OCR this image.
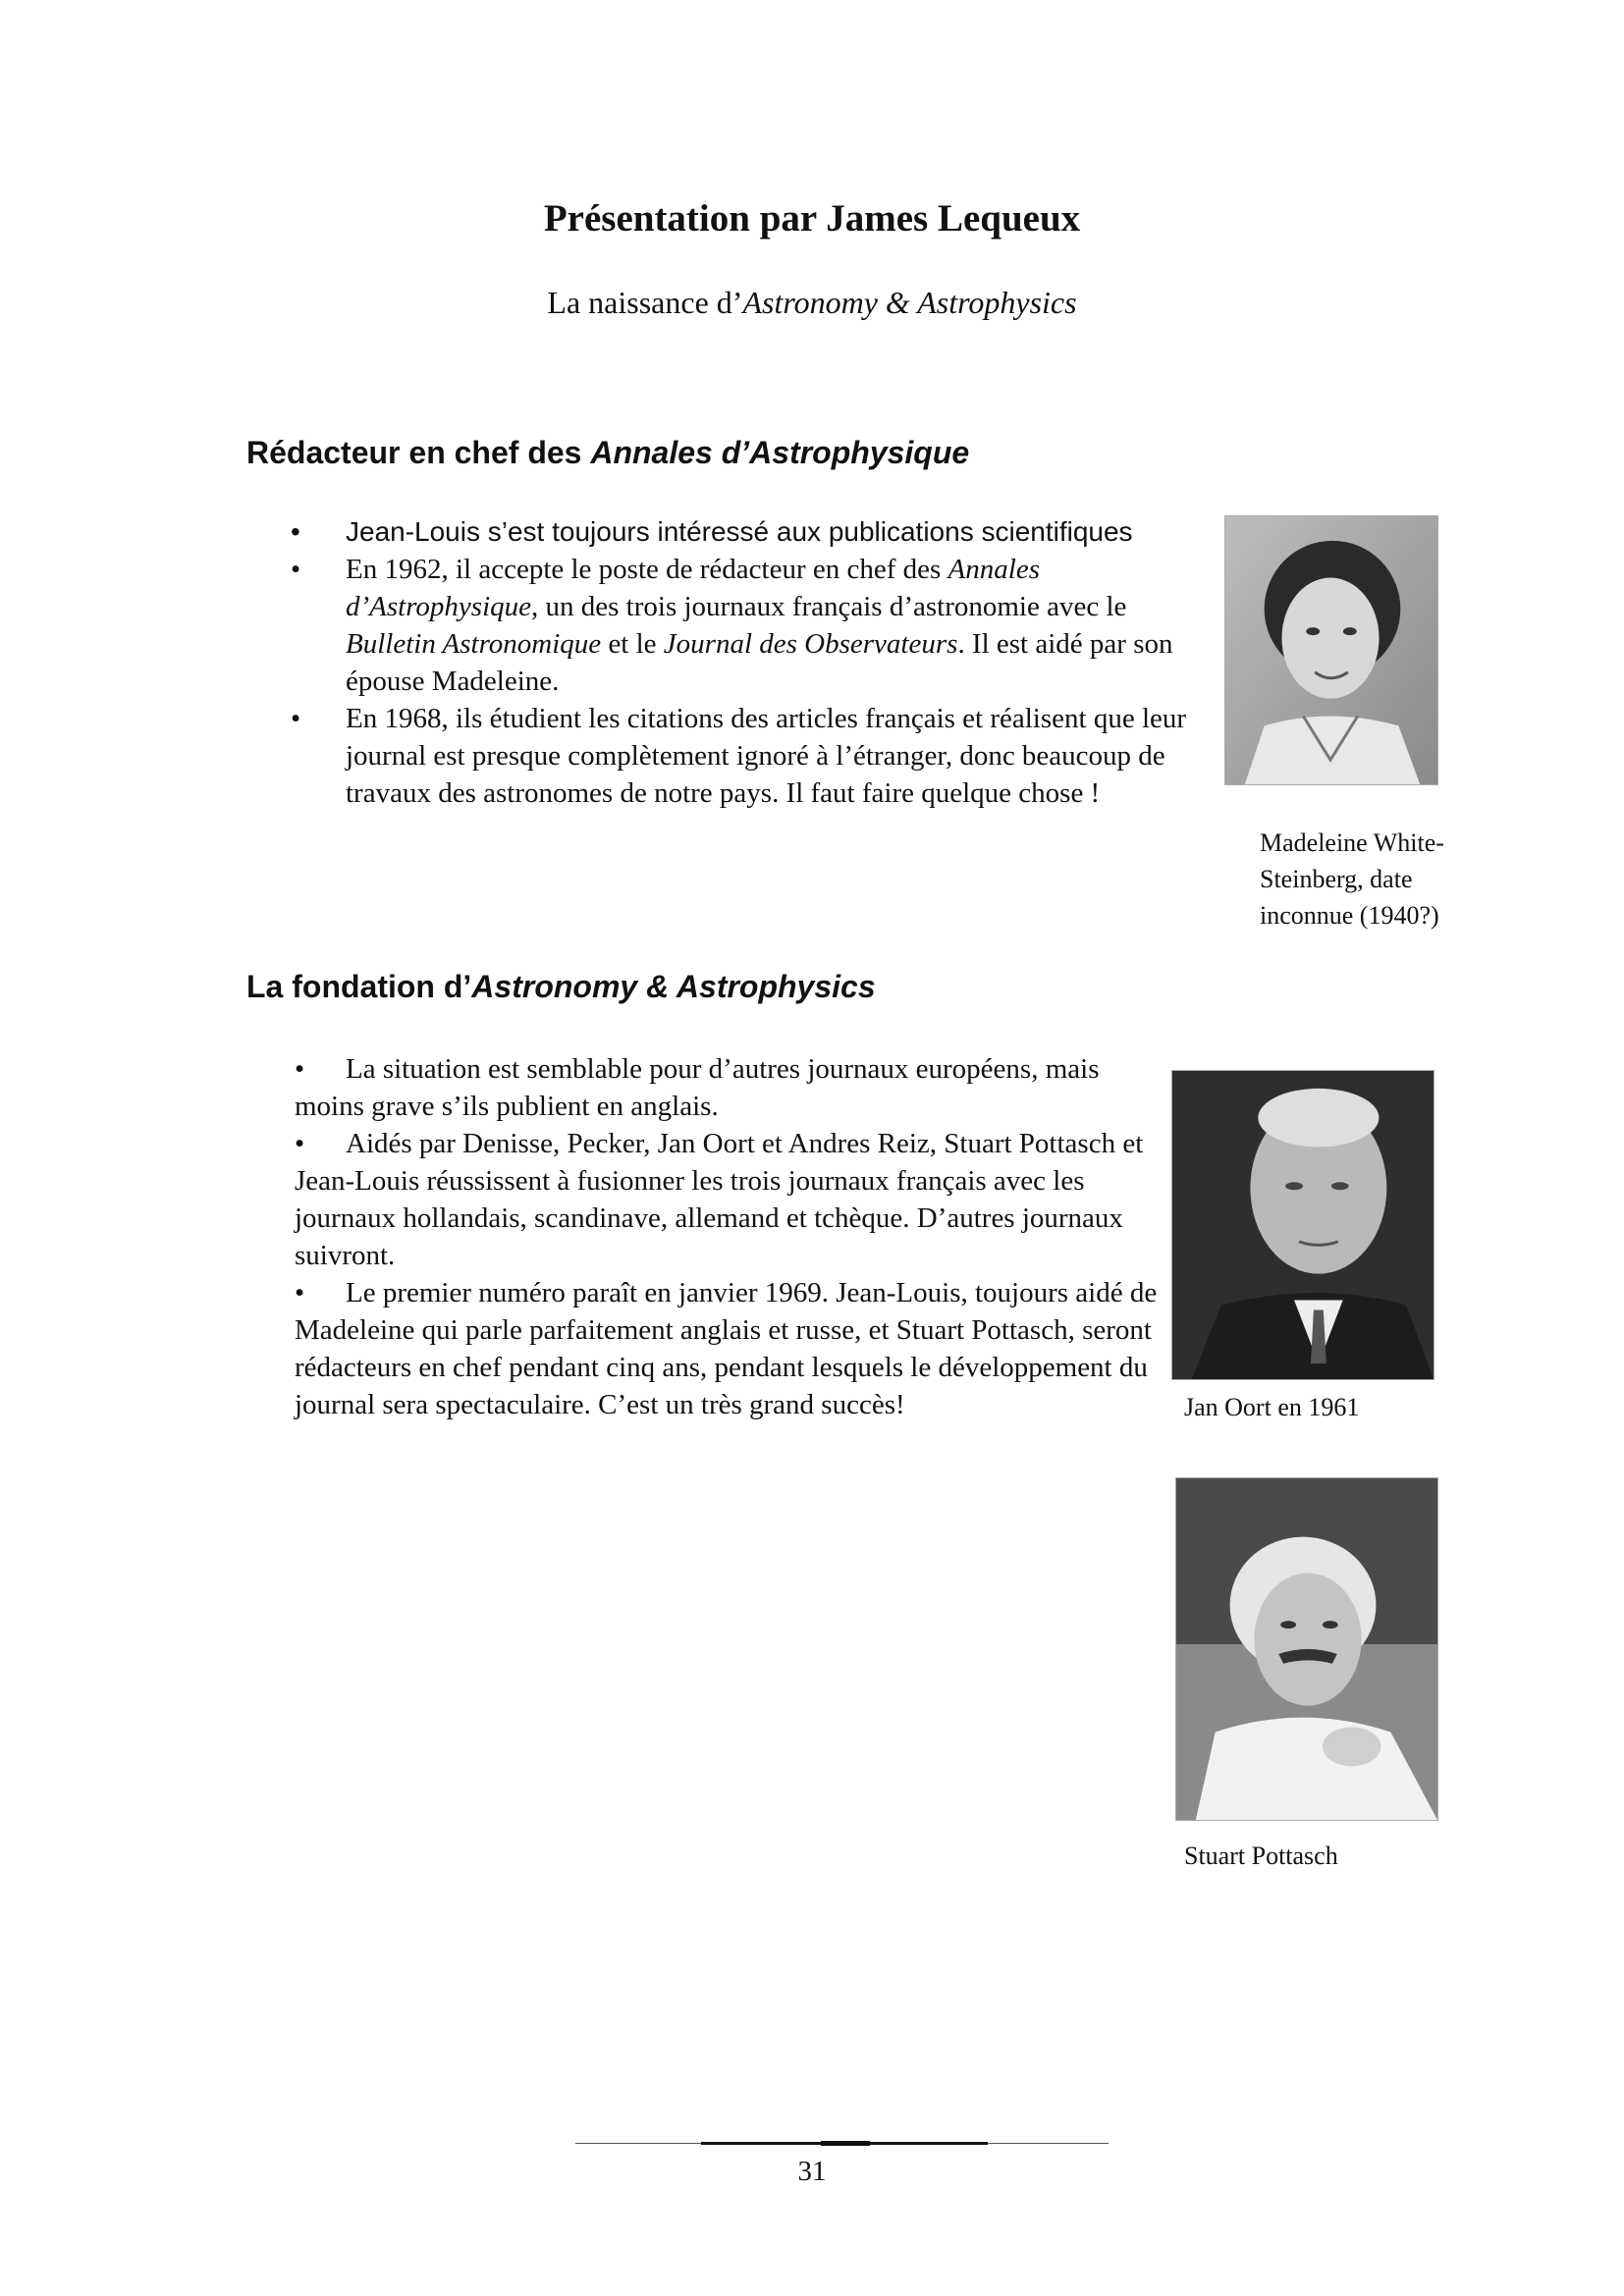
Présentation par James Lequeux

La naissance d’Astronomy & Astrophysics

Rédacteur en chef des Annales d’Astrophysique
• Jean-Louis s’est toujours intéressé aux publications scientifiques
• En 1962, il accepte le poste de rédacteur en chef des Annales d’Astrophysique, un des trois journaux français d’astronomie avec le Bulletin Astronomique et le Journal des Observateurs. Il est aidé par son épouse Madeleine.
• En 1968, ils étudient les citations des articles français et réalisent que leur journal est presque complètement ignoré à l’étranger, donc beaucoup de travaux des astronomes de notre pays. Il faut faire quelque chose !
La fondation d’Astronomy & Astrophysics

• La situation est semblable pour d’autres journaux européens, mais moins grave s’ils publient en anglais.

• Aidés par Denisse, Pecker, Jan Oort et Andres Reiz, Stuart Pottasch et Jean-Louis réussissent à fusionner les trois journaux français avec les journaux hollandais, scandinave, allemand et tchèque. D’autres journaux suivront.

• Le premier numéro paraît en janvier 1969. Jean-Louis, toujours aidé de Madeleine qui parle parfaitement anglais et russe, et Stuart Pottasch, seront rédacteurs en chef pendant cinq ans, pendant lesquels le développement du journal sera spectaculaire. C’est un très grand succès!

Madeleine White-Steinberg, date inconnue (1940?)

Jan Oort en 1961

Stuart Pottasch

31
